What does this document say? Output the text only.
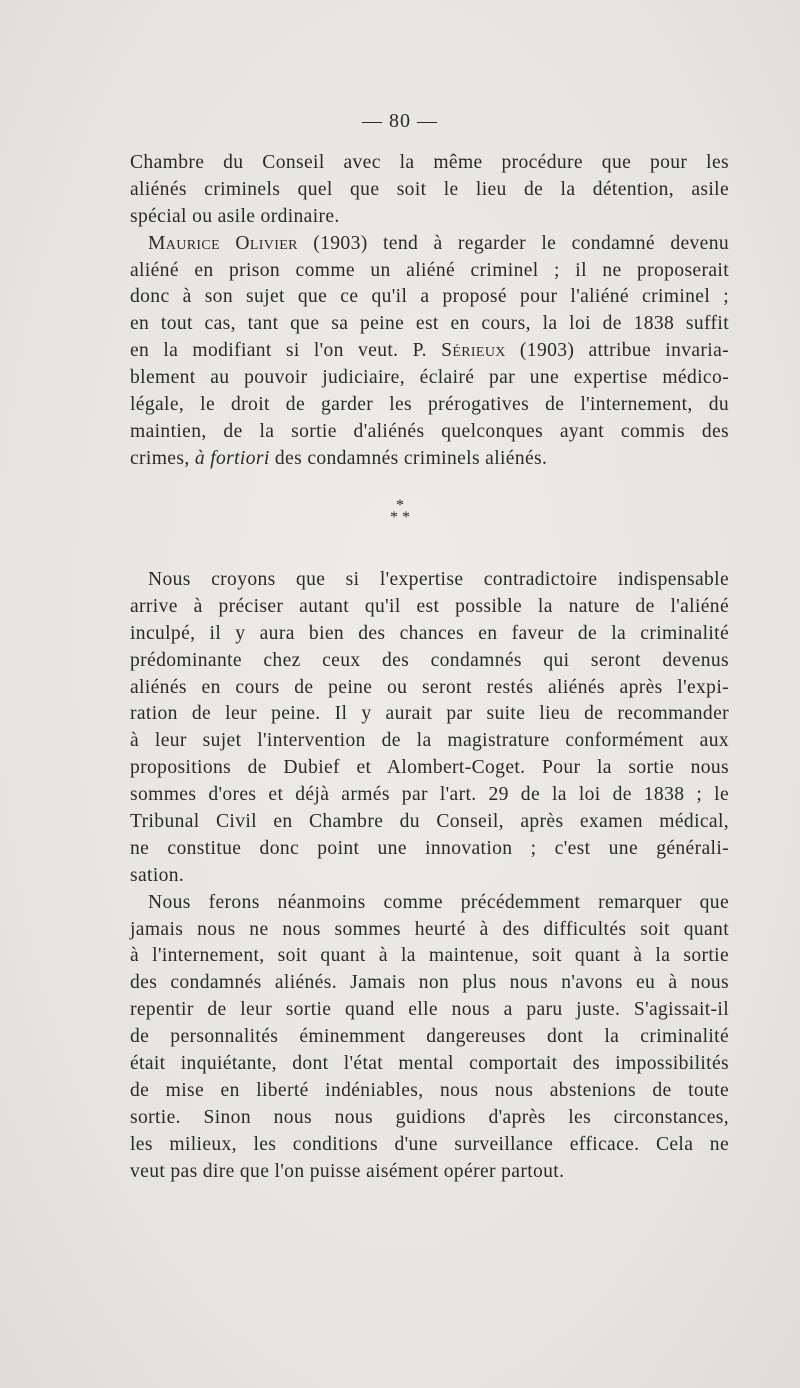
— 80 —
Chambre du Conseil avec la même procédure que pour les
aliénés criminels quel que soit le lieu de la détention, asile
spécial ou asile ordinaire.
Maurice Olivier (1903) tend à regarder le condamné devenu
aliéné en prison comme un aliéné criminel ; il ne proposerait
donc à son sujet que ce qu'il a proposé pour l'aliéné criminel ;
en tout cas, tant que sa peine est en cours, la loi de 1838 suffit
en la modifiant si l'on veut. P. Sérieux (1903) attribue invaria-
blement au pouvoir judiciaire, éclairé par une expertise médico-
légale, le droit de garder les prérogatives de l'internement, du
maintien, de la sortie d'aliénés quelconques ayant commis des
crimes, à fortiori des condamnés criminels aliénés.
*
* *
Nous croyons que si l'expertise contradictoire indispensable
arrive à préciser autant qu'il est possible la nature de l'aliéné
inculpé, il y aura bien des chances en faveur de la criminalité
prédominante chez ceux des condamnés qui seront devenus
aliénés en cours de peine ou seront restés aliénés après l'expi-
ration de leur peine. Il y aurait par suite lieu de recommander
à leur sujet l'intervention de la magistrature conformément aux
propositions de Dubief et Alombert-Coget. Pour la sortie nous
sommes d'ores et déjà armés par l'art. 29 de la loi de 1838 ; le
Tribunal Civil en Chambre du Conseil, après examen médical,
ne constitue donc point une innovation ; c'est une générali-
sation.
Nous ferons néanmoins comme précédemment remarquer que
jamais nous ne nous sommes heurté à des difficultés soit quant
à l'internement, soit quant à la maintenue, soit quant à la sortie
des condamnés aliénés. Jamais non plus nous n'avons eu à nous
repentir de leur sortie quand elle nous a paru juste. S'agissait-il
de personnalités éminemment dangereuses dont la criminalité
était inquiétante, dont l'état mental comportait des impossibilités
de mise en liberté indéniables, nous nous abstenions de toute
sortie. Sinon nous nous guidions d'après les circonstances,
les milieux, les conditions d'une surveillance efficace. Cela ne
veut pas dire que l'on puisse aisément opérer partout.
